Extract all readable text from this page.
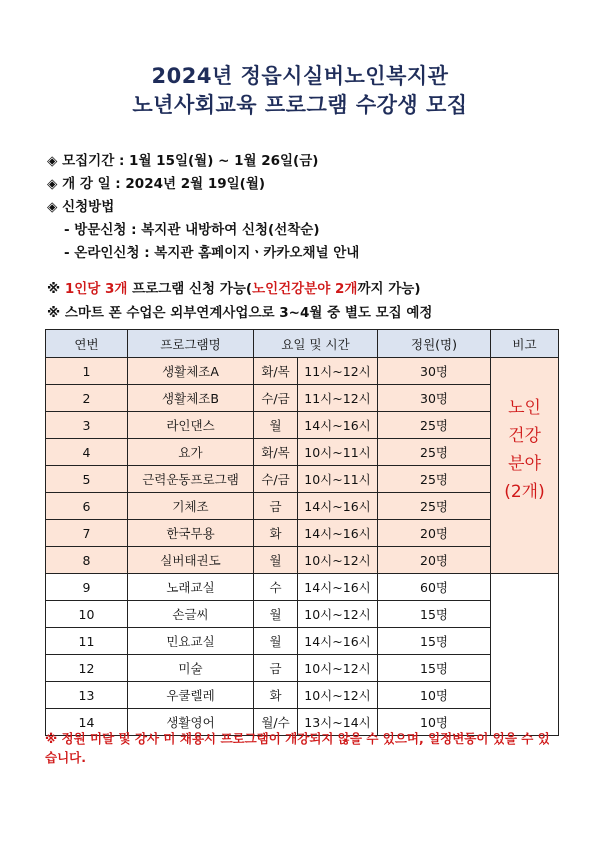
2024년 정읍시실버노인복지관
노년사회교육 프로그램 수강생 모집
◈ 모집기간 : 1월 15일(월) ~ 1월 26일(금)
◈ 개 강 일 : 2024년 2월 19일(월)
◈ 신청방법
- 방문신청 : 복지관 내방하여 신청(선착순)
- 온라인신청 : 복지관 홈페이지ㆍ카카오채널 안내
※ 1인당 3개 프로그램 신청 가능(노인건강분야 2개까지 가능)
※ 스마트 폰 수업은 외부연계사업으로 3~4월 중 별도 모집 예정
연번	프로그램명	요일 및 시간		정원(명)	비고
1	생활체조A	화/목	11시~12시	30명	노인
건강
분야
(2개)

2	생활체조B	수/금	11시~12시	30명	
3	라인댄스	월	14시~16시	25명	
4	요가	화/목	10시~11시	25명	
5	근력운동프로그램	수/금	10시~11시	25명	
6	기체조	금	14시~16시	25명	
7	한국무용	화	14시~16시	20명	
8	실버태권도	월	10시~12시	20명	
9	노래교실	수	14시~16시	60명	
10	손글씨	월	10시~12시	15명	
11	민요교실	월	14시~16시	15명	
12	미술	금	10시~12시	15명	
13	우쿨렐레	화	10시~12시	10명	
14	생활영어	월/수	13시~14시	10명	
※ 정원 미달 및 강사 미 채용시 프로그램이 개강되지 않을 수 있으며, 일정변동이 있을 수 있습니다.
